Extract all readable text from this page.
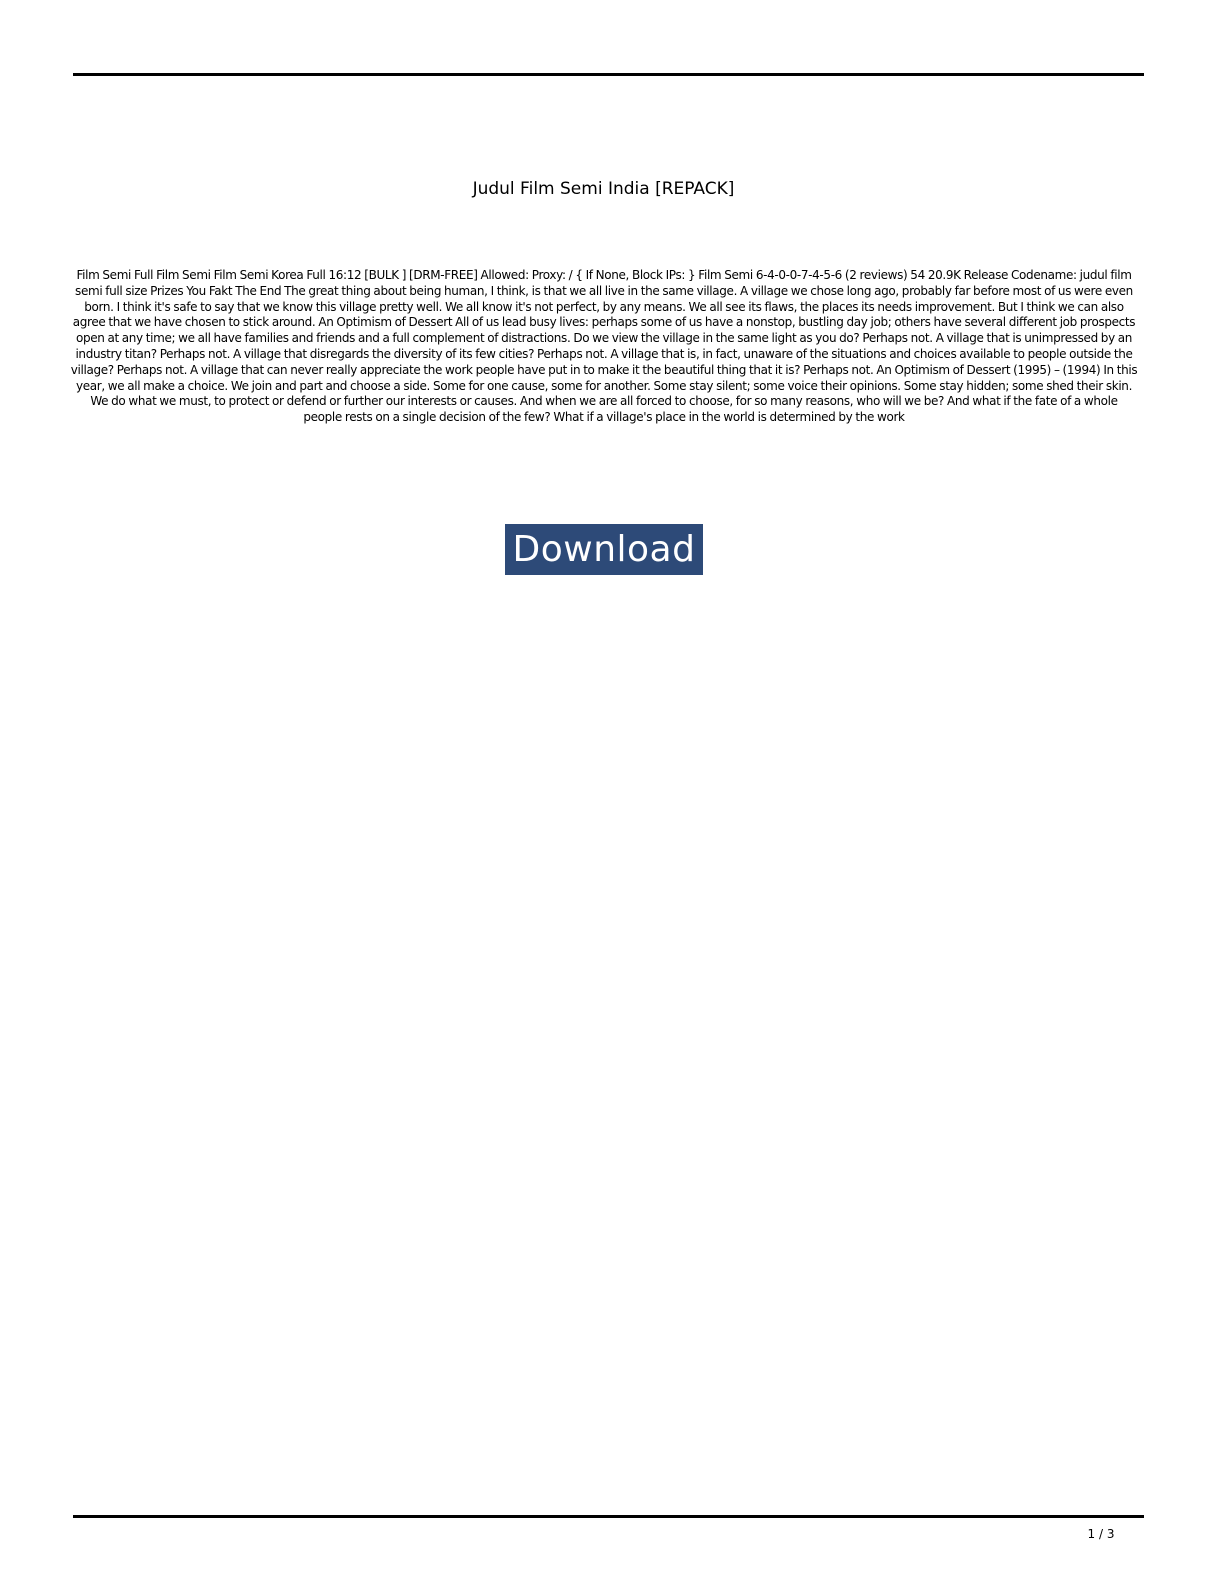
Judul Film Semi India [REPACK]

Film Semi Full Film Semi Film Semi Korea Full 16:12 [BULK ] [DRM-FREE] Allowed: Proxy: / { If None, Block IPs: } Film Semi 6-4-0-0-7-4-5-6 (2 reviews) 54 20.9K Release Codename: judul film semi full size Prizes You Fakt The End The great thing about being human, I think, is that we all live in the same village. A village we chose long ago, probably far before most of us were even born. I think it's safe to say that we know this village pretty well. We all know it's not perfect, by any means. We all see its flaws, the places its needs improvement. But I think we can also agree that we have chosen to stick around. An Optimism of Dessert All of us lead busy lives: perhaps some of us have a nonstop, bustling day job; others have several different job prospects open at any time; we all have families and friends and a full complement of distractions. Do we view the village in the same light as you do? Perhaps not. A village that is unimpressed by an industry titan? Perhaps not. A village that disregards the diversity of its few cities? Perhaps not. A village that is, in fact, unaware of the situations and choices available to people outside the village? Perhaps not. A village that can never really appreciate the work people have put in to make it the beautiful thing that it is? Perhaps not. An Optimism of Dessert (1995) – (1994) In this year, we all make a choice. We join and part and choose a side. Some for one cause, some for another. Some stay silent; some voice their opinions. Some stay hidden; some shed their skin. We do what we must, to protect or defend or further our interests or causes. And when we are all forced to choose, for so many reasons, who will we be? And what if the fate of a whole people rests on a single decision of the few? What if a village's place in the world is determined by the work

Download
1 / 3
